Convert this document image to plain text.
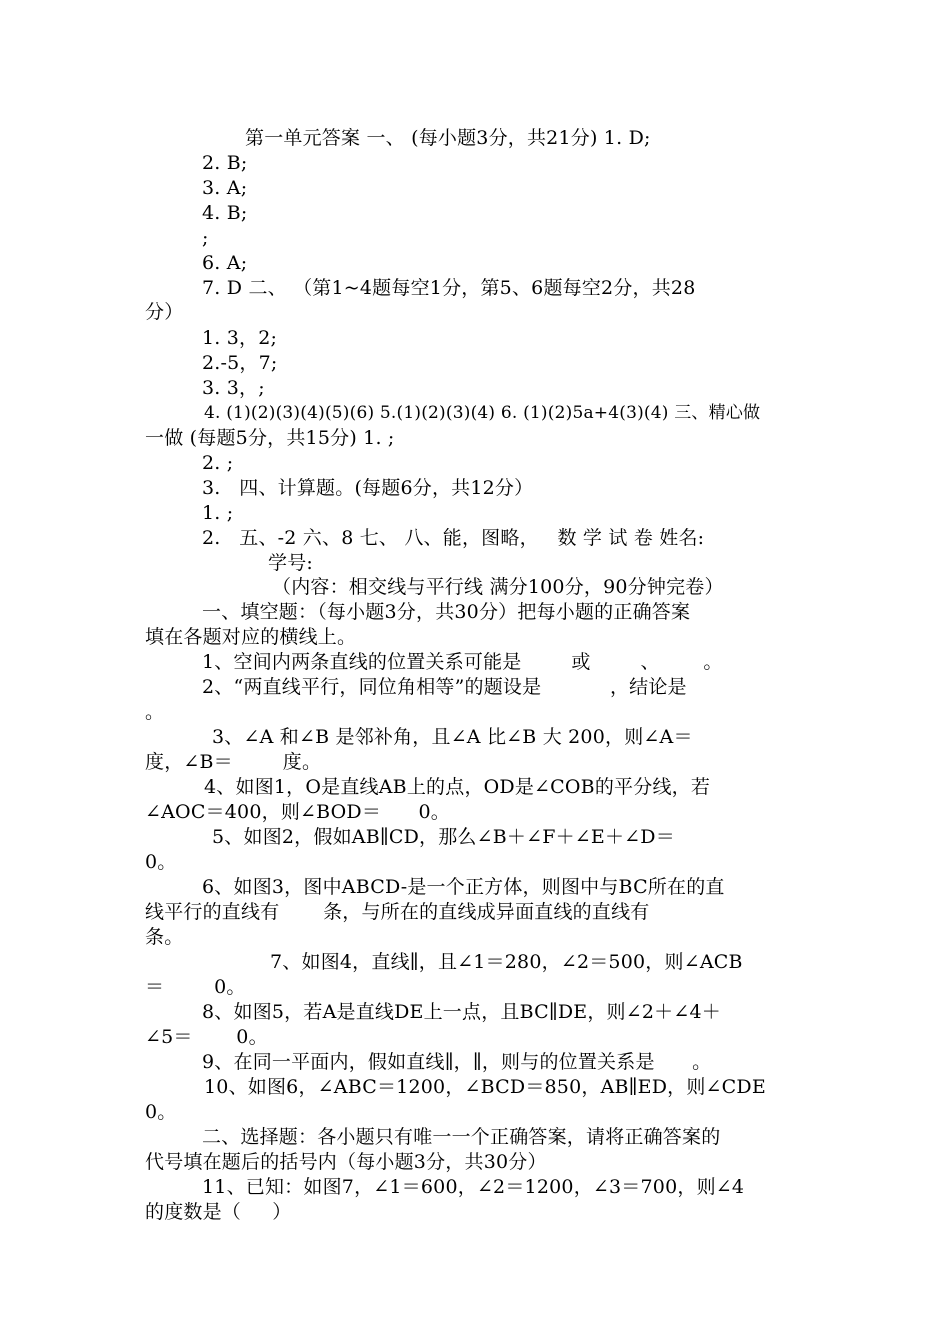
第一单元答案 一、 (每小题3分，共21分) 1. D;

2. B;

3. A;

4. B;

;

6. A;

7. D 二、 （第1~4题每空1分，第5、6题每空2分，共28

分）

1. 3，2;

2.-5，7;

3. 3，;

4. (1)(2)(3)(4)(5)(6) 5.(1)(2)(3)(4) 6. (1)(2)5a+4(3)(4) 三、精心做

一做 (每题5分，共15分) 1. ;

2. ;

3.   四、计算题。(每题6分，共12分）

1. ;

2.   五、-2 六、8 七、 八、能，图略，   数 学 试 卷 姓名:

学号:

（内容：相交线与平行线 满分100分，90分钟完卷）

一、填空题：（每小题3分，共30分）把每小题的正确答案

填在各题对应的横线上。

1、空间内两条直线的位置关系可能是        或        、       。

2、“两直线平行，同位角相等”的题设是           ，结论是

。

3、∠A 和∠B 是邻补角，且∠A 比∠B 大 200，则∠A＝

度，∠B＝        度。

4、如图1，O是直线AB上的点，OD是∠COB的平分线，若

∠AOC＝400，则∠BOD＝      0。

5、如图2，假如AB∥CD，那么∠B＋∠F＋∠E＋∠D＝

0。

6、如图3，图中ABCD-是一个正方体，则图中与BC所在的直

线平行的直线有       条，与所在的直线成异面直线的直线有

条。

7、如图4，直线∥，且∠1＝280，∠2＝500，则∠ACB

＝        0。

8、如图5，若A是直线DE上一点，且BC∥DE，则∠2＋∠4＋

∠5＝       0。

9、在同一平面内，假如直线∥，∥，则与的位置关系是      。

10、如图6，∠ABC＝1200，∠BCD＝850，AB∥ED，则∠CDE

0。

二、选择题：各小题只有唯一一个正确答案，请将正确答案的

代号填在题后的括号内（每小题3分，共30分）

11、已知：如图7，∠1＝600，∠2＝1200，∠3＝700，则∠4

的度数是（     ）
